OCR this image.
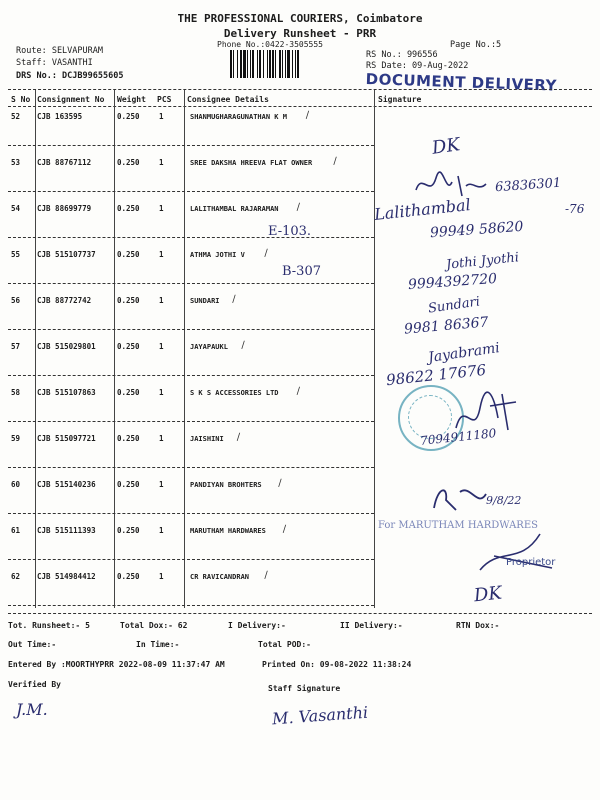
THE PROFESSIONAL COURIERS, Coimbatore
Delivery Runsheet - PRR
Phone No.:0422-3505555	Page No.:5
Route: SELVAPURAM
Staff: VASANTHI
DRS No.: DCJB99655605
RS No.: 996556
RS Date: 09-Aug-2022
DOCUMENT DELIVERY
S No Consignment No Weight PCS Consignee Details	Signature
52 CJB 163595	0.250	1	SHANMUGHARAGUNATHAN K M ∕
53 CJB 88767112	0.250	1	SREE DAKSHA HREEVA FLAT OWNER ∕
54 CJB 88699779	0.250	1	LALITHAMBAL RAJARAMAN ∕
55 CJB 515107737	0.250	1	ATHMA JOTHI V ∕
56 CJB 88772742	0.250	1	SUNDARI ∕
57 CJB 515029801	0.250	1	JAYAPAUKL ∕
58 CJB 515107863	0.250	1	S K S ACCESSORIES LTD ∕
59 CJB 515097721	0.250	1	JAISHINI ∕
60 CJB 515140236	0.250	1	PANDIYAN BROHTERS ∕
61 CJB 515111393	0.250	1	MARUTHAM HARDWARES ∕
62 CJB 514984412	0.250	1	CR RAVICANDRAN ∕
E-103.
B-307
DK
63836301
-76
Lalithambal
99949 58620
Jothi Jyothi
9994392720
Sundari
9981 86367
Jayabrami
98622 17676
7094911180
9/8/22
For MARUTHAM HARDWARES
Proprietor
DK
Tot. Runsheet:- 5	Total Dox:- 62	I Delivery:-	II Delivery:-	RTN Dox:-
Out Time:-	In Time:-	Total POD:-
Entered By :MOORTHYPRR 2022-08-09 11:37:47 AM	Printed On: 09-08-2022 11:38:24
Verified By	Staff Signature
J.M.	M. Vasanthi
